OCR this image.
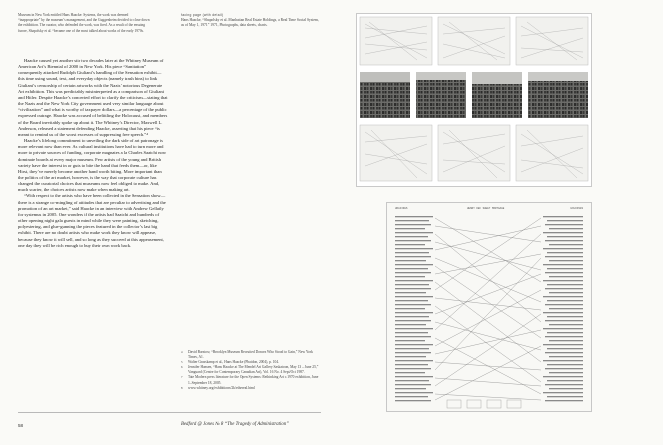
Museum in New York entitled Hans Haacke: Systems, the work was deemed “inappropriate” by the museum’s management, and the Guggenheim decided to close down the exhibition. The curator, who defended the work, was fired. As a result of the ensuing furore, Shapolsky et al. “became one of the most talked about works of the early 1970s.

Haacke caused yet another stir two decades later at the Whitney Museum of American Art’s Biennial of 2000 in New York. His piece “Sanitation” consequently attacked Rudolph Giuliani’s handling of the Sensation exhibit—this time using sound, text, and everyday objects (namely trash bins) to link Giuliani’s censorship of certain artworks with the Nazis’ notorious Degenerate Art exhibition. This was predictably misinterpreted as a comparison of Giuliani and Hitler. Despite Haacke’s concerted effort to clarify the criticism—stating that the Nazis and the New York City government used very similar language about “civilization” and what is worthy of taxpayer dollars—a percentage of the public expressed outrage. Haacke was accused of belittling the Holocaust, and members of the Board inevitably spoke up about it. The Whitney’s Director, Maxwell L. Anderson, released a statement defending Haacke, asserting that his piece “is meant to remind us of the worst excesses of suppressing free speech.”⁴

Haacke’s lifelong commitment to unveiling the dark side of art patronage is more relevant now than ever. As cultural institutions have had to turn more and more to private sources of funding, corporate magnates a la Charles Saatchi now dominate boards at every major museum. Few artists of the young and British variety have the interest in or guts to bite the hand that feeds them—or, like Hirst, they’ve merely become another hand worth biting. More important than the politics of the art market, however, is the way that corporate culture has changed the curatorial choices that museums now feel obliged to make. And, much scarier, the choices artists now make when making art.

“With respect to the artists who have been collected in the Sensation show—there is a strange co-mingling of attitudes that are peculiar to advertising and the promotion of an art market,” said Haacke in an interview with Andrew Gellatly for systemus in 2005. One wonders if the artists had Saatchi and hundreds of other opening night gala guests in mind while they were painting, sketching, polyestering, and glue-gunning the pieces featured in the collector’s last big exhibit. There are no doubt artists who make work they know will appease, because they know it will sell, and so long as they succeed at this appeasement, one day they will be rich enough to buy their own work back.

facing page (with detail)
Hans Haacke, “Shapolsky et al. Manhattan Real Estate Holdings, a Real Time Social System, as of May 1, 1971” 1971, Photographs, data sheets, charts.
4	David Barstow, “Brooklyn Museum Recruited Donors Who Stood to Gain,” New York Times, A1.
5	Walter Grasskamp et al., Hans Haacke (Phaidon, 2004), p. 104.
6	Jennifer Hansen, “Hans Haacke at The Mendel Art Gallery Saskatoon, May 13 – June 25,” Vanguard (Centre for Contemporary Canadian Art), Vol. 16 No. 4 Sept/Oct 1987.
7	Tate Modern press literature for the Open Systems: Rethinking Art c.1970 exhibition, June 1–September 18, 2005.
8	www.whitney.org/exhibitions/2k/ethereal.html
58	Bedford @ Jones № 8 “The Tragedy of Administration”
HOLDINGS	HENRY DEF SHEET MORTGAGE	HOLDINGS
